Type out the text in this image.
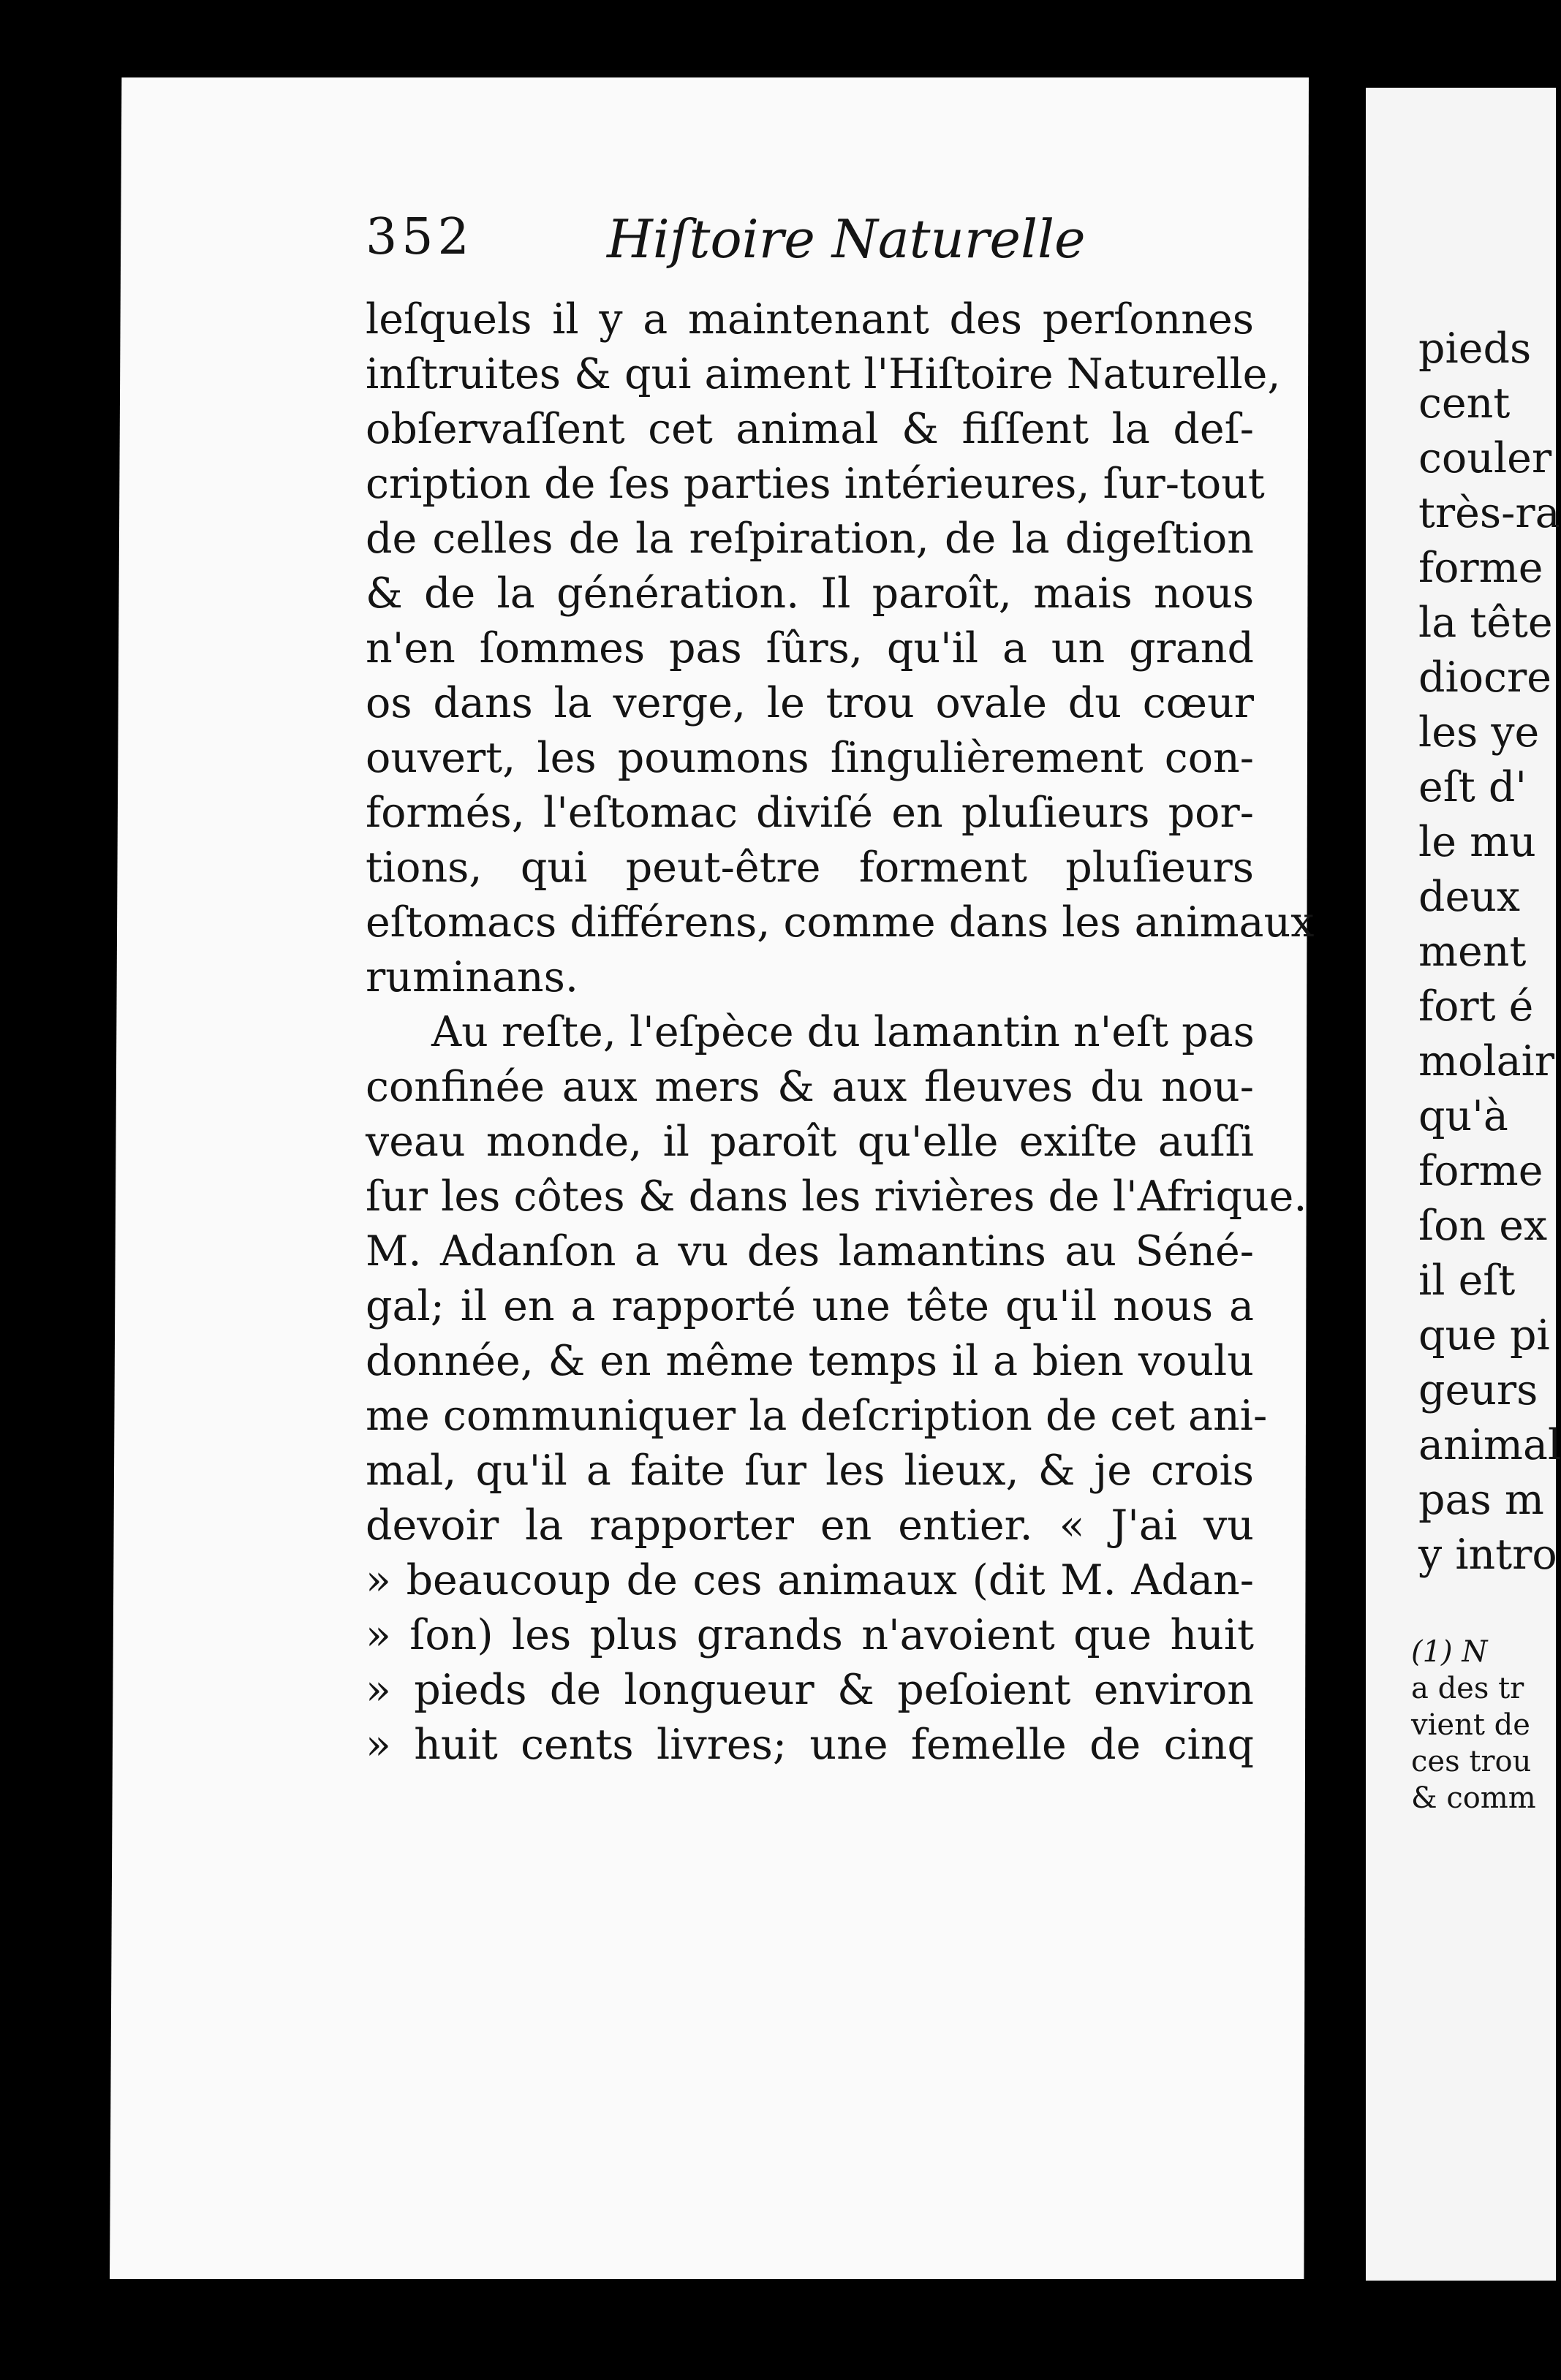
352	Hiſtoire Naturelle
leſquels il y a maintenant des perſonnes
inſtruites & qui aiment l'Hiſtoire Naturelle,
obſervaſſent cet animal & fiſſent la deſ-
cription de ſes parties intérieures, ſur-tout
de celles de la reſpiration, de la digeſtion
& de la génération. Il paroît, mais nous
n'en ſommes pas ſûrs, qu'il a un grand
os dans la verge, le trou ovale du cœur
ouvert, les poumons ſingulièrement con-
formés, l'eſtomac diviſé en pluſieurs por-
tions, qui peut-être forment pluſieurs
eſtomacs différens, comme dans les animaux
ruminans.
Au reſte, l'eſpèce du lamantin n'eſt pas
confinée aux mers & aux fleuves du nou-
veau monde, il paroît qu'elle exiſte auſſi
ſur les côtes & dans les rivières de l'Afrique.
M. Adanſon a vu des lamantins au Séné-
gal; il en a rapporté une tête qu'il nous a
donnée, & en même temps il a bien voulu
me communiquer la deſcription de cet ani-
mal, qu'il a faite ſur les lieux, & je crois
devoir la rapporter en entier. « J'ai vu
» beaucoup de ces animaux (dit M. Adan-
» ſon) les plus grands n'avoient que huit
» pieds de longueur & peſoient environ
» huit cents livres; une femelle de cinq
pieds
cent
couler
très-ra
forme
la tête
diocre
les ye
eſt d'
le mu
deux
ment
fort é
molair
qu'à
forme
ſon ex
il eſt
que pi
geurs
animal
pas m
y intro
(1) N
a des tr
vient de
ces trou
& comm
